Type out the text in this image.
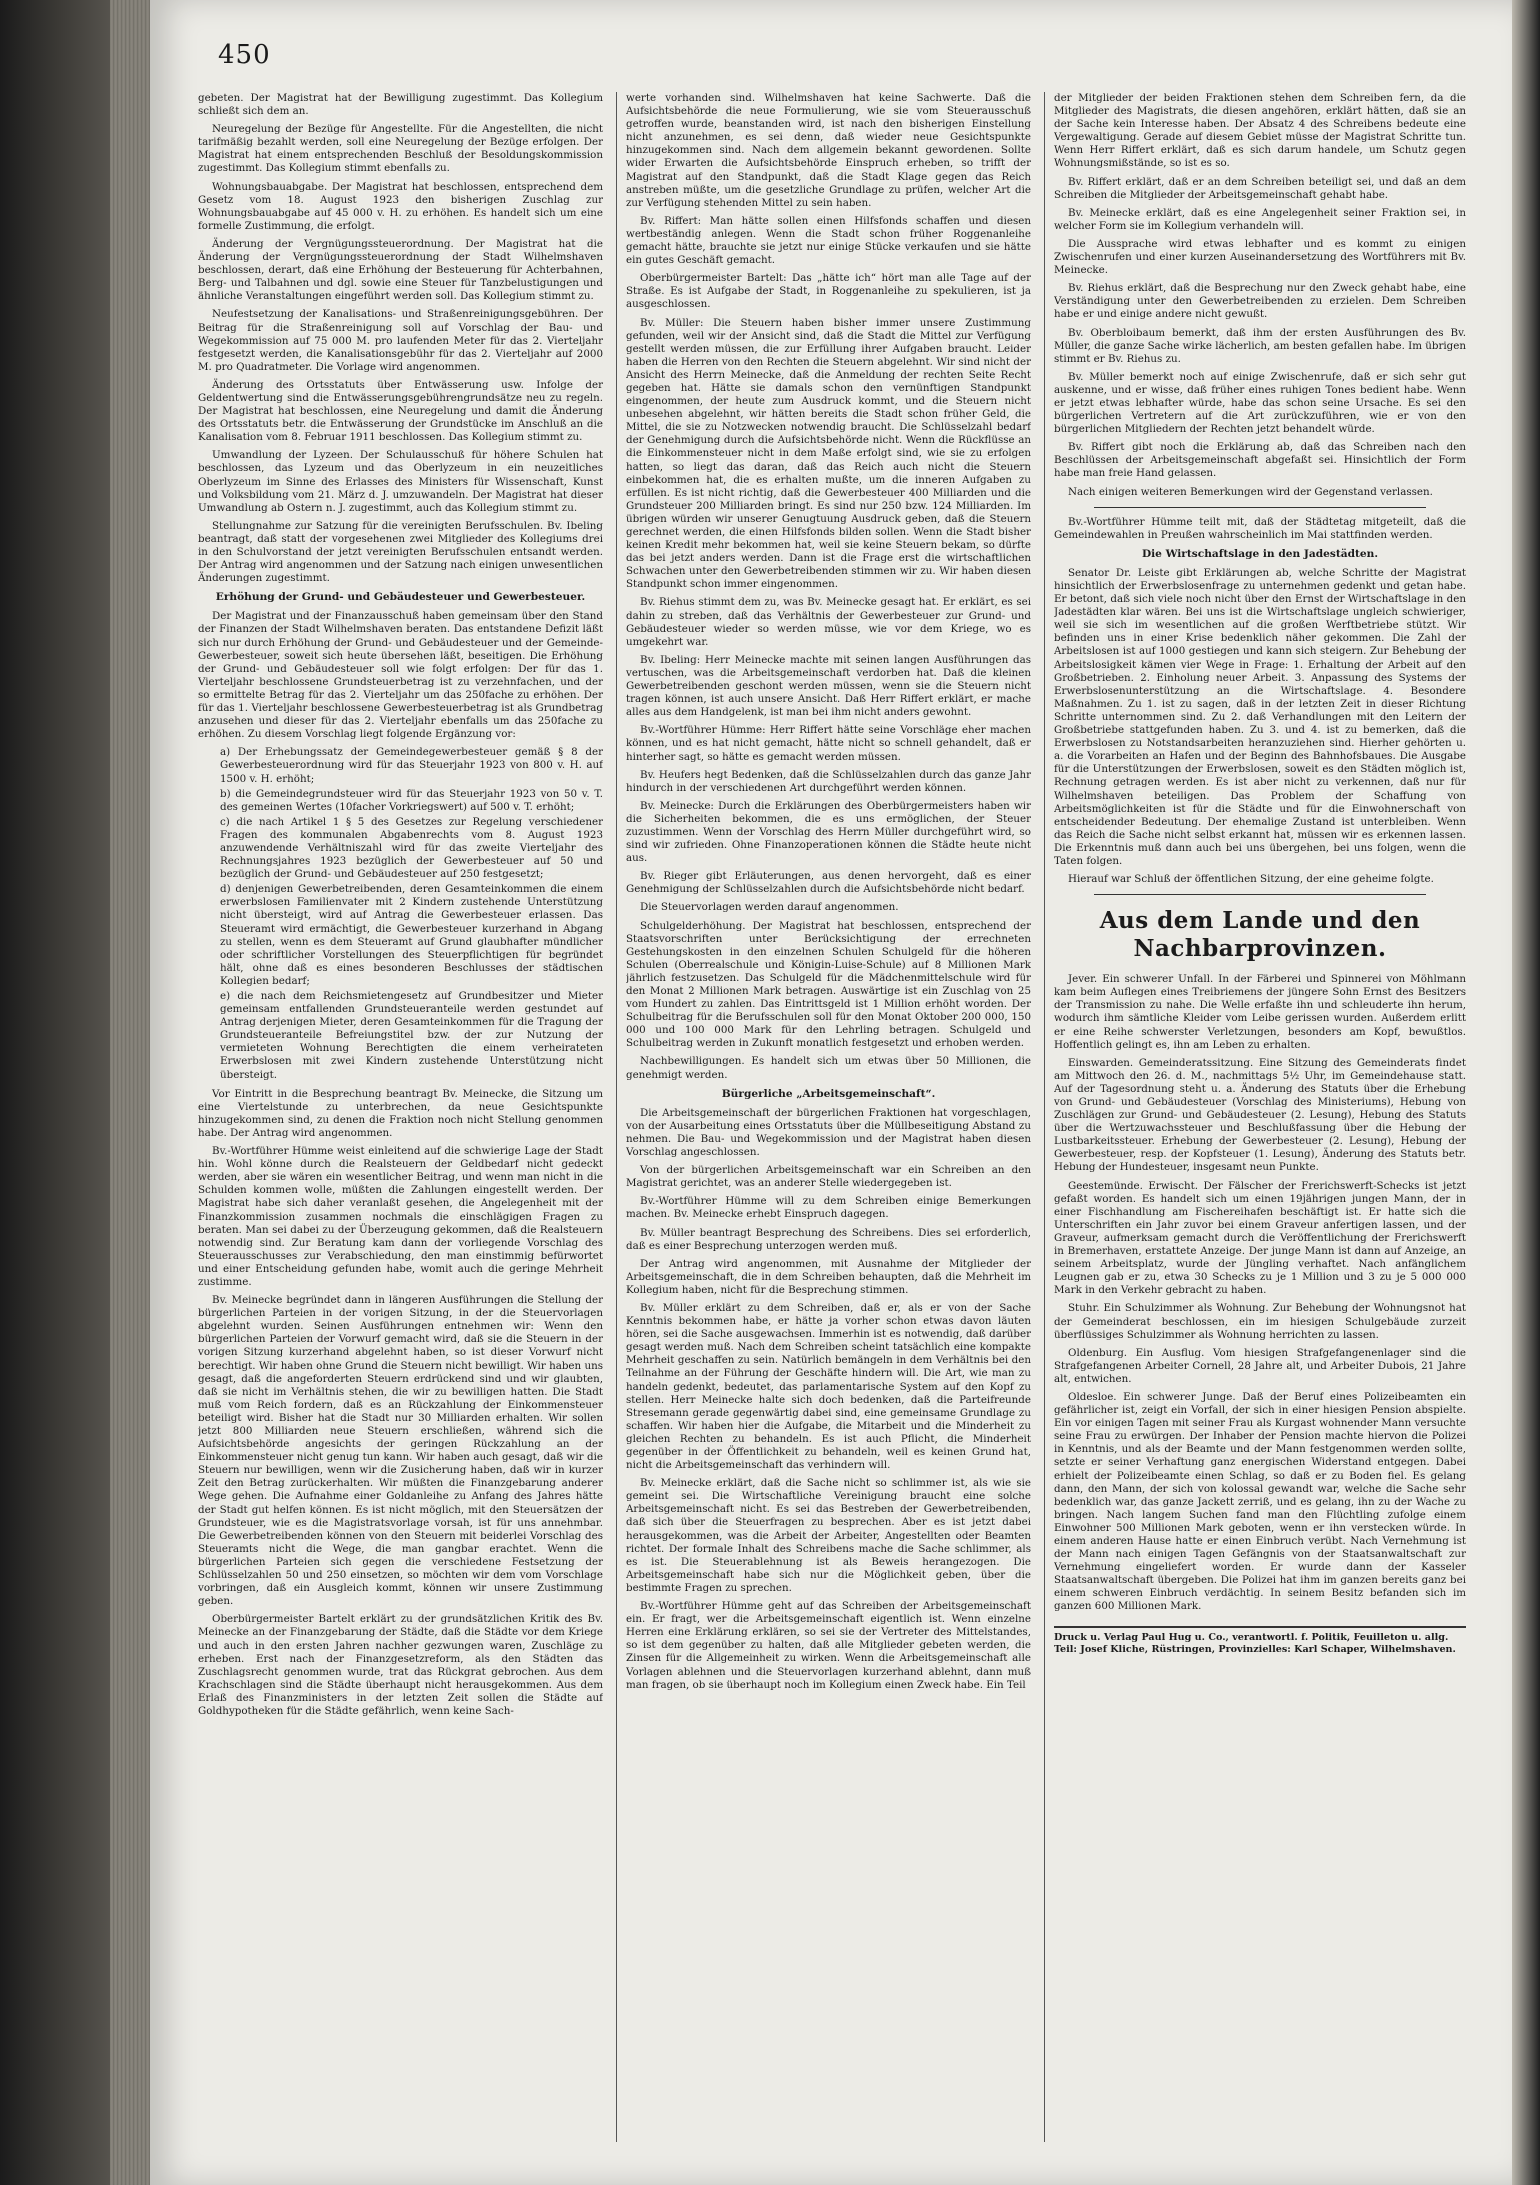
450

gebeten. Der Magistrat hat der Bewilligung zugestimmt. Das Kollegium schließt sich dem an.

Neuregelung der Bezüge für Angestellte. Für die Angestellten, die nicht tarifmäßig bezahlt werden, soll eine Neuregelung der Bezüge erfolgen. Der Magistrat hat einem entsprechenden Beschluß der Besoldungskommission zugestimmt. Das Kollegium stimmt ebenfalls zu.

Wohnungsbauabgabe. Der Magistrat hat beschlossen, entsprechend dem Gesetz vom 18. August 1923 den bisherigen Zuschlag zur Wohnungsbauabgabe auf 45 000 v. H. zu erhöhen. Es handelt sich um eine formelle Zustimmung, die erfolgt.

Änderung der Vergnügungssteuerordnung. Der Magistrat hat die Änderung der Vergnügungssteuerordnung der Stadt Wilhelmshaven beschlossen, derart, daß eine Erhöhung der Besteuerung für Achterbahnen, Berg- und Talbahnen und dgl. sowie eine Steuer für Tanzbelustigungen und ähnliche Veranstaltungen eingeführt werden soll. Das Kollegium stimmt zu.

Neufestsetzung der Kanalisations- und Straßenreinigungsgebühren. Der Beitrag für die Straßenreinigung soll auf Vorschlag der Bau- und Wegekommission auf 75 000 M. pro laufenden Meter für das 2. Vierteljahr festgesetzt werden, die Kanalisationsgebühr für das 2. Vierteljahr auf 2000 M. pro Quadratmeter. Die Vorlage wird angenommen.

Änderung des Ortsstatuts über Entwässerung usw. Infolge der Geldentwertung sind die Entwässerungsgebührengrundsätze neu zu regeln. Der Magistrat hat beschlossen, eine Neuregelung und damit die Änderung des Ortsstatuts betr. die Entwässerung der Grundstücke im Anschluß an die Kanalisation vom 8. Februar 1911 beschlossen. Das Kollegium stimmt zu.

Umwandlung der Lyzeen. Der Schulausschuß für höhere Schulen hat beschlossen, das Lyzeum und das Oberlyzeum in ein neuzeitliches Oberlyzeum im Sinne des Erlasses des Ministers für Wissenschaft, Kunst und Volksbildung vom 21. März d. J. umzuwandeln. Der Magistrat hat dieser Umwandlung ab Ostern n. J. zugestimmt, auch das Kollegium stimmt zu.

Stellungnahme zur Satzung für die vereinigten Berufsschulen. Bv. Ibeling beantragt, daß statt der vorgesehenen zwei Mitglieder des Kollegiums drei in den Schulvorstand der jetzt vereinigten Berufsschulen entsandt werden. Der Antrag wird angenommen und der Satzung nach einigen unwesentlichen Änderungen zugestimmt.

Erhöhung der Grund- und Gebäudesteuer und Gewerbesteuer.

Der Magistrat und der Finanzausschuß haben gemeinsam über den Stand der Finanzen der Stadt Wilhelmshaven beraten. Das entstandene Defizit läßt sich nur durch Erhöhung der Grund- und Gebäudesteuer und der Gemeinde-Gewerbesteuer, soweit sich heute übersehen läßt, beseitigen. Die Erhöhung der Grund- und Gebäudesteuer soll wie folgt erfolgen: Der für das 1. Vierteljahr beschlossene Grundsteuerbetrag ist zu verzehnfachen, und der so ermittelte Betrag für das 2. Vierteljahr um das 250fache zu erhöhen. Der für das 1. Vierteljahr beschlossene Gewerbesteuerbetrag ist als Grundbetrag anzusehen und dieser für das 2. Vierteljahr ebenfalls um das 250fache zu erhöhen. Zu diesem Vorschlag liegt folgende Ergänzung vor:

a) Der Erhebungssatz der Gemeindegewerbesteuer gemäß § 8 der Gewerbesteuerordnung wird für das Steuerjahr 1923 von 800 v. H. auf 1500 v. H. erhöht;
b) die Gemeindegrundsteuer wird für das Steuerjahr 1923 von 50 v. T. des gemeinen Wertes (10facher Vorkriegswert) auf 500 v. T. erhöht;
c) die nach Artikel 1 § 5 des Gesetzes zur Regelung verschiedener Fragen des kommunalen Abgabenrechts vom 8. August 1923 anzuwendende Verhältniszahl wird für das zweite Vierteljahr des Rechnungsjahres 1923 bezüglich der Gewerbesteuer auf 50 und bezüglich der Grund- und Gebäudesteuer auf 250 festgesetzt;
d) denjenigen Gewerbetreibenden, deren Gesamteinkommen die einem erwerbslosen Familienvater mit 2 Kindern zustehende Unterstützung nicht übersteigt, wird auf Antrag die Gewerbesteuer erlassen. Das Steueramt wird ermächtigt, die Gewerbesteuer kurzerhand in Abgang zu stellen, wenn es dem Steueramt auf Grund glaubhafter mündlicher oder schriftlicher Vorstellungen des Steuerpflichtigen für begründet hält, ohne daß es eines besonderen Beschlusses der städtischen Kollegien bedarf;
e) die nach dem Reichsmietengesetz auf Grundbesitzer und Mieter gemeinsam entfallenden Grundsteueranteile werden gestundet auf Antrag derjenigen Mieter, deren Gesamteinkommen für die Tragung der Grundsteueranteile Befreiungstitel bzw. der zur Nutzung der vermieteten Wohnung Berechtigten die einem verheirateten Erwerbslosen mit zwei Kindern zustehende Unterstützung nicht übersteigt.

Vor Eintritt in die Besprechung beantragt Bv. Meinecke, die Sitzung um eine Viertelstunde zu unterbrechen, da neue Gesichtspunkte hinzugekommen sind, zu denen die Fraktion noch nicht Stellung genommen habe. Der Antrag wird angenommen.

Bv.-Wortführer Hümme weist einleitend auf die schwierige Lage der Stadt hin. Wohl könne durch die Realsteuern der Geldbedarf nicht gedeckt werden, aber sie wären ein wesentlicher Beitrag, und wenn man nicht in die Schulden kommen wolle, müßten die Zahlungen eingestellt werden. Der Magistrat habe sich daher veranlaßt gesehen, die Angelegenheit mit der Finanzkommission zusammen nochmals die einschlägigen Fragen zu beraten. Man sei dabei zu der Überzeugung gekommen, daß die Realsteuern notwendig sind. Zur Beratung kam dann der vorliegende Vorschlag des Steuerausschusses zur Verabschiedung, den man einstimmig befürwortet und einer Entscheidung gefunden habe, womit auch die geringe Mehrheit zustimme.

Bv. Meinecke begründet dann in längeren Ausführungen die Stellung der bürgerlichen Parteien in der vorigen Sitzung, in der die Steuervorlagen abgelehnt wurden. Seinen Ausführungen entnehmen wir: Wenn den bürgerlichen Parteien der Vorwurf gemacht wird, daß sie die Steuern in der vorigen Sitzung kurzerhand abgelehnt haben, so ist dieser Vorwurf nicht berechtigt. Wir haben ohne Grund die Steuern nicht bewilligt. Wir haben uns gesagt, daß die angeforderten Steuern erdrückend sind und wir glaubten, daß sie nicht im Verhältnis stehen, die wir zu bewilligen hatten. Die Stadt muß vom Reich fordern, daß es an Rückzahlung der Einkommensteuer beteiligt wird. Bisher hat die Stadt nur 30 Milliarden erhalten. Wir sollen jetzt 800 Milliarden neue Steuern erschließen, während sich die Aufsichtsbehörde angesichts der geringen Rückzahlung an der Einkommensteuer nicht genug tun kann. Wir haben auch gesagt, daß wir die Steuern nur bewilligen, wenn wir die Zusicherung haben, daß wir in kurzer Zeit den Betrag zurückerhalten. Wir müßten die Finanzgebarung anderer Wege gehen. Die Aufnahme einer Goldanleihe zu Anfang des Jahres hätte der Stadt gut helfen können. Es ist nicht möglich, mit den Steuersätzen der Grundsteuer, wie es die Magistratsvorlage vorsah, ist für uns annehmbar. Die Gewerbetreibenden können von den Steuern mit beiderlei Vorschlag des Steueramts nicht die Wege, die man gangbar erachtet. Wenn die bürgerlichen Parteien sich gegen die verschiedene Festsetzung der Schlüsselzahlen 50 und 250 einsetzen, so möchten wir dem vom Vorschlage vorbringen, daß ein Ausgleich kommt, können wir unsere Zustimmung geben.

Oberbürgermeister Bartelt erklärt zu der grundsätzlichen Kritik des Bv. Meinecke an der Finanzgebarung der Städte, daß die Städte vor dem Kriege und auch in den ersten Jahren nachher gezwungen waren, Zuschläge zu erheben. Erst nach der Finanzgesetzreform, als den Städten das Zuschlagsrecht genommen wurde, trat das Rückgrat gebrochen. Aus dem Krachschlagen sind die Städte überhaupt nicht herausgekommen. Aus dem Erlaß des Finanzministers in der letzten Zeit sollen die Städte auf Goldhypotheken für die Städte gefährlich, wenn keine Sach-

werte vorhanden sind. Wilhelmshaven hat keine Sachwerte. Daß die Aufsichtsbehörde die neue Formulierung, wie sie vom Steuerausschuß getroffen wurde, beanstanden wird, ist nach den bisherigen Einstellung nicht anzunehmen, es sei denn, daß wieder neue Gesichtspunkte hinzugekommen sind. Nach dem allgemein bekannt gewordenen. Sollte wider Erwarten die Aufsichtsbehörde Einspruch erheben, so trifft der Magistrat auf den Standpunkt, daß die Stadt Klage gegen das Reich anstreben müßte, um die gesetzliche Grundlage zu prüfen, welcher Art die zur Verfügung stehenden Mittel zu sein haben.

Bv. Riffert: Man hätte sollen einen Hilfsfonds schaffen und diesen wertbeständig anlegen. Wenn die Stadt schon früher Roggenanleihe gemacht hätte, brauchte sie jetzt nur einige Stücke verkaufen und sie hätte ein gutes Geschäft gemacht.

Oberbürgermeister Bartelt: Das „hätte ich“ hört man alle Tage auf der Straße. Es ist Aufgabe der Stadt, in Roggenanleihe zu spekulieren, ist ja ausgeschlossen.

Bv. Müller: Die Steuern haben bisher immer unsere Zustimmung gefunden, weil wir der Ansicht sind, daß die Stadt die Mittel zur Verfügung gestellt werden müssen, die zur Erfüllung ihrer Aufgaben braucht. Leider haben die Herren von den Rechten die Steuern abgelehnt. Wir sind nicht der Ansicht des Herrn Meinecke, daß die Anmeldung der rechten Seite Recht gegeben hat. Hätte sie damals schon den vernünftigen Standpunkt eingenommen, der heute zum Ausdruck kommt, und die Steuern nicht unbesehen abgelehnt, wir hätten bereits die Stadt schon früher Geld, die Mittel, die sie zu Notzwecken notwendig braucht. Die Schlüsselzahl bedarf der Genehmigung durch die Aufsichtsbehörde nicht. Wenn die Rückflüsse an die Einkommensteuer nicht in dem Maße erfolgt sind, wie sie zu erfolgen hatten, so liegt das daran, daß das Reich auch nicht die Steuern einbekommen hat, die es erhalten mußte, um die inneren Aufgaben zu erfüllen. Es ist nicht richtig, daß die Gewerbesteuer 400 Milliarden und die Grundsteuer 200 Milliarden bringt. Es sind nur 250 bzw. 124 Milliarden. Im übrigen würden wir unserer Genugtuung Ausdruck geben, daß die Steuern gerechnet werden, die einen Hilfsfonds bilden sollen. Wenn die Stadt bisher keinen Kredit mehr bekommen hat, weil sie keine Steuern bekam, so dürfte das bei jetzt anders werden. Dann ist die Frage erst die wirtschaftlichen Schwachen unter den Gewerbetreibenden stimmen wir zu. Wir haben diesen Standpunkt schon immer eingenommen.

Bv. Riehus stimmt dem zu, was Bv. Meinecke gesagt hat. Er erklärt, es sei dahin zu streben, daß das Verhältnis der Gewerbesteuer zur Grund- und Gebäudesteuer wieder so werden müsse, wie vor dem Kriege, wo es umgekehrt war.

Bv. Ibeling: Herr Meinecke machte mit seinen langen Ausführungen das vertuschen, was die Arbeitsgemeinschaft verdorben hat. Daß die kleinen Gewerbetreibenden geschont werden müssen, wenn sie die Steuern nicht tragen können, ist auch unsere Ansicht. Daß Herr Riffert erklärt, er mache alles aus dem Handgelenk, ist man bei ihm nicht anders gewohnt.

Bv.-Wortführer Hümme: Herr Riffert hätte seine Vorschläge eher machen können, und es hat nicht gemacht, hätte nicht so schnell gehandelt, daß er hinterher sagt, so hätte es gemacht werden müssen.

Bv. Heufers hegt Bedenken, daß die Schlüsselzahlen durch das ganze Jahr hindurch in der verschiedenen Art durchgeführt werden können.

Bv. Meinecke: Durch die Erklärungen des Oberbürgermeisters haben wir die Sicherheiten bekommen, die es uns ermöglichen, der Steuer zuzustimmen. Wenn der Vorschlag des Herrn Müller durchgeführt wird, so sind wir zufrieden. Ohne Finanzoperationen können die Städte heute nicht aus.

Bv. Rieger gibt Erläuterungen, aus denen hervorgeht, daß es einer Genehmigung der Schlüsselzahlen durch die Aufsichtsbehörde nicht bedarf.

Die Steuervorlagen werden darauf angenommen.

Schulgelderhöhung. Der Magistrat hat beschlossen, entsprechend der Staatsvorschriften unter Berücksichtigung der errechneten Gestehungskosten in den einzelnen Schulen Schulgeld für die höheren Schulen (Oberrealschule und Königin-Luise-Schule) auf 8 Millionen Mark jährlich festzusetzen. Das Schulgeld für die Mädchenmittelschule wird für den Monat 2 Millionen Mark betragen. Auswärtige ist ein Zuschlag von 25 vom Hundert zu zahlen. Das Eintrittsgeld ist 1 Million erhöht worden. Der Schulbeitrag für die Berufsschulen soll für den Monat Oktober 200 000, 150 000 und 100 000 Mark für den Lehrling betragen. Schulgeld und Schulbeitrag werden in Zukunft monatlich festgesetzt und erhoben werden.

Nachbewilligungen. Es handelt sich um etwas über 50 Millionen, die genehmigt werden.

Bürgerliche „Arbeitsgemeinschaft“.

Die Arbeitsgemeinschaft der bürgerlichen Fraktionen hat vorgeschlagen, von der Ausarbeitung eines Ortsstatuts über die Müllbeseitigung Abstand zu nehmen. Die Bau- und Wegekommission und der Magistrat haben diesen Vorschlag angeschlossen.

Von der bürgerlichen Arbeitsgemeinschaft war ein Schreiben an den Magistrat gerichtet, was an anderer Stelle wiedergegeben ist.

Bv.-Wortführer Hümme will zu dem Schreiben einige Bemerkungen machen. Bv. Meinecke erhebt Einspruch dagegen.

Bv. Müller beantragt Besprechung des Schreibens. Dies sei erforderlich, daß es einer Besprechung unterzogen werden muß.

Der Antrag wird angenommen, mit Ausnahme der Mitglieder der Arbeitsgemeinschaft, die in dem Schreiben behaupten, daß die Mehrheit im Kollegium haben, nicht für die Besprechung stimmen.

Bv. Müller erklärt zu dem Schreiben, daß er, als er von der Sache Kenntnis bekommen habe, er hätte ja vorher schon etwas davon läuten hören, sei die Sache ausgewachsen. Immerhin ist es notwendig, daß darüber gesagt werden muß. Nach dem Schreiben scheint tatsächlich eine kompakte Mehrheit geschaffen zu sein. Natürlich bemängeln in dem Verhältnis bei den Teilnahme an der Führung der Geschäfte hindern will. Die Art, wie man zu handeln gedenkt, bedeutet, das parlamentarische System auf den Kopf zu stellen. Herr Meinecke halte sich doch bedenken, daß die Parteifreunde Stresemann gerade gegenwärtig dabei sind, eine gemeinsame Grundlage zu schaffen. Wir haben hier die Aufgabe, die Mitarbeit und die Minderheit zu gleichen Rechten zu behandeln. Es ist auch Pflicht, die Minderheit gegenüber in der Öffentlichkeit zu behandeln, weil es keinen Grund hat, nicht die Arbeitsgemeinschaft das verhindern will.

Bv. Meinecke erklärt, daß die Sache nicht so schlimmer ist, als wie sie gemeint sei. Die Wirtschaftliche Vereinigung braucht eine solche Arbeitsgemeinschaft nicht. Es sei das Bestreben der Gewerbetreibenden, daß sich über die Steuerfragen zu besprechen. Aber es ist jetzt dabei herausgekommen, was die Arbeit der Arbeiter, Angestellten oder Beamten richtet. Der formale Inhalt des Schreibens mache die Sache schlimmer, als es ist. Die Steuerablehnung ist als Beweis herangezogen. Die Arbeitsgemeinschaft habe sich nur die Möglichkeit geben, über die bestimmte Fragen zu sprechen.

Bv.-Wortführer Hümme geht auf das Schreiben der Arbeitsgemeinschaft ein. Er fragt, wer die Arbeitsgemeinschaft eigentlich ist. Wenn einzelne Herren eine Erklärung erklären, so sei sie der Vertreter des Mittelstandes, so ist dem gegenüber zu halten, daß alle Mitglieder gebeten werden, die Zinsen für die Allgemeinheit zu wirken. Wenn die Arbeitsgemeinschaft alle Vorlagen ablehnen und die Steuervorlagen kurzerhand ablehnt, dann muß man fragen, ob sie überhaupt noch im Kollegium einen Zweck habe. Ein Teil

der Mitglieder der beiden Fraktionen stehen dem Schreiben fern, da die Mitglieder des Magistrats, die diesen angehören, erklärt hätten, daß sie an der Sache kein Interesse haben. Der Absatz 4 des Schreibens bedeute eine Vergewaltigung. Gerade auf diesem Gebiet müsse der Magistrat Schritte tun. Wenn Herr Riffert erklärt, daß es sich darum handele, um Schutz gegen Wohnungsmißstände, so ist es so.

Bv. Riffert erklärt, daß er an dem Schreiben beteiligt sei, und daß an dem Schreiben die Mitglieder der Arbeitsgemeinschaft gehabt habe.

Bv. Meinecke erklärt, daß es eine Angelegenheit seiner Fraktion sei, in welcher Form sie im Kollegium verhandeln will.

Die Aussprache wird etwas lebhafter und es kommt zu einigen Zwischenrufen und einer kurzen Auseinandersetzung des Wortführers mit Bv. Meinecke.

Bv. Riehus erklärt, daß die Besprechung nur den Zweck gehabt habe, eine Verständigung unter den Gewerbetreibenden zu erzielen. Dem Schreiben habe er und einige andere nicht gewußt.

Bv. Oberbloibaum bemerkt, daß ihm der ersten Ausführungen des Bv. Müller, die ganze Sache wirke lächerlich, am besten gefallen habe. Im übrigen stimmt er Bv. Riehus zu.

Bv. Müller bemerkt noch auf einige Zwischenrufe, daß er sich sehr gut auskenne, und er wisse, daß früher eines ruhigen Tones bedient habe. Wenn er jetzt etwas lebhafter würde, habe das schon seine Ursache. Es sei den bürgerlichen Vertretern auf die Art zurückzuführen, wie er von den bürgerlichen Mitgliedern der Rechten jetzt behandelt würde.

Bv. Riffert gibt noch die Erklärung ab, daß das Schreiben nach den Beschlüssen der Arbeitsgemeinschaft abgefaßt sei. Hinsichtlich der Form habe man freie Hand gelassen.

Nach einigen weiteren Bemerkungen wird der Gegenstand verlassen.

Bv.-Wortführer Hümme teilt mit, daß der Städtetag mitgeteilt, daß die Gemeindewahlen in Preußen wahrscheinlich im Mai stattfinden werden.

Die Wirtschaftslage in den Jadestädten.

Senator Dr. Leiste gibt Erklärungen ab, welche Schritte der Magistrat hinsichtlich der Erwerbslosenfrage zu unternehmen gedenkt und getan habe. Er betont, daß sich viele noch nicht über den Ernst der Wirtschaftslage in den Jadestädten klar wären. Bei uns ist die Wirtschaftslage ungleich schwieriger, weil sie sich im wesentlichen auf die großen Werftbetriebe stützt. Wir befinden uns in einer Krise bedenklich näher gekommen. Die Zahl der Arbeitslosen ist auf 1000 gestiegen und kann sich steigern. Zur Behebung der Arbeitslosigkeit kämen vier Wege in Frage: 1. Erhaltung der Arbeit auf den Großbetrieben. 2. Einholung neuer Arbeit. 3. Anpassung des Systems der Erwerbslosenunterstützung an die Wirtschaftslage. 4. Besondere Maßnahmen. Zu 1. ist zu sagen, daß in der letzten Zeit in dieser Richtung Schritte unternommen sind. Zu 2. daß Verhandlungen mit den Leitern der Großbetriebe stattgefunden haben. Zu 3. und 4. ist zu bemerken, daß die Erwerbslosen zu Notstandsarbeiten heranzuziehen sind. Hierher gehörten u. a. die Vorarbeiten an Hafen und der Beginn des Bahnhofsbaues. Die Ausgabe für die Unterstützungen der Erwerbslosen, soweit es den Städten möglich ist, Rechnung getragen werden. Es ist aber nicht zu verkennen, daß nur für Wilhelmshaven beteiligen. Das Problem der Schaffung von Arbeitsmöglichkeiten ist für die Städte und für die Einwohnerschaft von entscheidender Bedeutung. Der ehemalige Zustand ist unterbleiben. Wenn das Reich die Sache nicht selbst erkannt hat, müssen wir es erkennen lassen. Die Erkenntnis muß dann auch bei uns übergehen, bei uns folgen, wenn die Taten folgen.

Hierauf war Schluß der öffentlichen Sitzung, der eine geheime folgte.

Aus dem Lande und den Nachbarprovinzen.

Jever. Ein schwerer Unfall. In der Färberei und Spinnerei von Möhlmann kam beim Auflegen eines Treibriemens der jüngere Sohn Ernst des Besitzers der Transmission zu nahe. Die Welle erfaßte ihn und schleuderte ihn herum, wodurch ihm sämtliche Kleider vom Leibe gerissen wurden. Außerdem erlitt er eine Reihe schwerster Verletzungen, besonders am Kopf, bewußtlos. Hoffentlich gelingt es, ihn am Leben zu erhalten.

Einswarden. Gemeinderatssitzung. Eine Sitzung des Gemeinderats findet am Mittwoch den 26. d. M., nachmittags 5½ Uhr, im Gemeindehause statt. Auf der Tagesordnung steht u. a. Änderung des Statuts über die Erhebung von Grund- und Gebäudesteuer (Vorschlag des Ministeriums), Hebung von Zuschlägen zur Grund- und Gebäudesteuer (2. Lesung), Hebung des Statuts über die Wertzuwachssteuer und Beschlußfassung über die Hebung der Lustbarkeitssteuer. Erhebung der Gewerbesteuer (2. Lesung), Hebung der Gewerbesteuer, resp. der Kopfsteuer (1. Lesung), Änderung des Statuts betr. Hebung der Hundesteuer, insgesamt neun Punkte.

Geestemünde. Erwischt. Der Fälscher der Frerichswerft-Schecks ist jetzt gefaßt worden. Es handelt sich um einen 19jährigen jungen Mann, der in einer Fischhandlung am Fischereihafen beschäftigt ist. Er hatte sich die Unterschriften ein Jahr zuvor bei einem Graveur anfertigen lassen, und der Graveur, aufmerksam gemacht durch die Veröffentlichung der Frerichswerft in Bremerhaven, erstattete Anzeige. Der junge Mann ist dann auf Anzeige, an seinem Arbeitsplatz, wurde der Jüngling verhaftet. Nach anfänglichem Leugnen gab er zu, etwa 30 Schecks zu je 1 Million und 3 zu je 5 000 000 Mark in den Verkehr gebracht zu haben.

Stuhr. Ein Schulzimmer als Wohnung. Zur Behebung der Wohnungsnot hat der Gemeinderat beschlossen, ein im hiesigen Schulgebäude zurzeit überflüssiges Schulzimmer als Wohnung herrichten zu lassen.

Oldenburg. Ein Ausflug. Vom hiesigen Strafgefangenenlager sind die Strafgefangenen Arbeiter Cornell, 28 Jahre alt, und Arbeiter Dubois, 21 Jahre alt, entwichen.

Oldesloe. Ein schwerer Junge. Daß der Beruf eines Polizeibeamten ein gefährlicher ist, zeigt ein Vorfall, der sich in einer hiesigen Pension abspielte. Ein vor einigen Tagen mit seiner Frau als Kurgast wohnender Mann versuchte seine Frau zu erwürgen. Der Inhaber der Pension machte hiervon die Polizei in Kenntnis, und als der Beamte und der Mann festgenommen werden sollte, setzte er seiner Verhaftung ganz energischen Widerstand entgegen. Dabei erhielt der Polizeibeamte einen Schlag, so daß er zu Boden fiel. Es gelang dann, den Mann, der sich von kolossal gewandt war, welche die Sache sehr bedenklich war, das ganze Jackett zerriß, und es gelang, ihn zu der Wache zu bringen. Nach langem Suchen fand man den Flüchtling zufolge einem Einwohner 500 Millionen Mark geboten, wenn er ihn verstecken würde. In einem anderen Hause hatte er einen Einbruch verübt. Nach Vernehmung ist der Mann nach einigen Tagen Gefängnis von der Staatsanwaltschaft zur Vernehmung eingeliefert worden. Er wurde dann der Kasseler Staatsanwaltschaft übergeben. Die Polizei hat ihm im ganzen bereits ganz bei einem schweren Einbruch verdächtig. In seinem Besitz befanden sich im ganzen 600 Millionen Mark.

Druck u. Verlag Paul Hug u. Co., verantwortl. f. Politik, Feuilleton u. allg. Teil: Josef Kliche, Rüstringen, Provinzielles: Karl Schaper, Wilhelmshaven.
